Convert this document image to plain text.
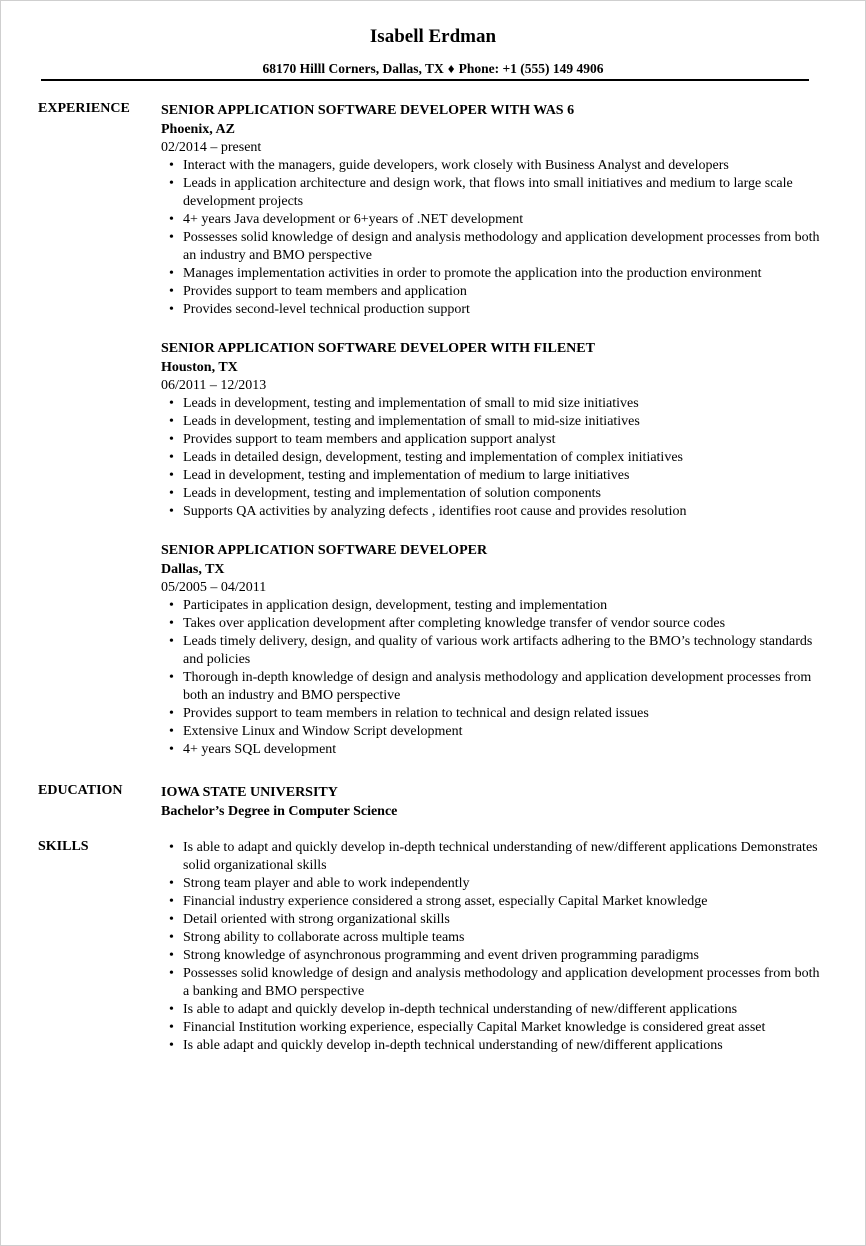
Isabell Erdman
68170 Hilll Corners, Dallas, TX ♦ Phone: +1 (555) 149 4906
EXPERIENCE SENIOR APPLICATION SOFTWARE DEVELOPER WITH WAS 6
Phoenix, AZ
02/2014 – present
• Interact with the managers, guide developers, work closely with Business Analyst and developers
• Leads in application architecture and design work, that flows into small initiatives and medium to large scale development projects
• 4+ years Java development or 6+years of .NET development
• Possesses solid knowledge of design and analysis methodology and application development processes from both an industry and BMO perspective
• Manages implementation activities in order to promote the application into the production environment
• Provides support to team members and application
• Provides second-level technical production support
SENIOR APPLICATION SOFTWARE DEVELOPER WITH FILENET
Houston, TX
06/2011 – 12/2013
• Leads in development, testing and implementation of small to mid size initiatives
• Leads in development, testing and implementation of small to mid-size initiatives
• Provides support to team members and application support analyst
• Leads in detailed design, development, testing and implementation of complex initiatives
• Lead in development, testing and implementation of medium to large initiatives
• Leads in development, testing and implementation of solution components
• Supports QA activities by analyzing defects , identifies root cause and provides resolution
SENIOR APPLICATION SOFTWARE DEVELOPER
Dallas, TX
05/2005 – 04/2011
• Participates in application design, development, testing and implementation
• Takes over application development after completing knowledge transfer of vendor source codes
• Leads timely delivery, design, and quality of various work artifacts adhering to the BMO’s technology standards and policies
• Thorough in-depth knowledge of design and analysis methodology and application development processes from both an industry and BMO perspective
• Provides support to team members in relation to technical and design related issues
• Extensive Linux and Window Script development
• 4+ years SQL development
EDUCATION	IOWA STATE UNIVERSITY
Bachelor’s Degree in Computer Science
SKILLS
•	Is able to adapt and quickly develop in-depth technical understanding of new/different applications Demonstrates solid organizational skills
• Strong team player and able to work independently
• Financial industry experience considered a strong asset, especially Capital Market knowledge
• Detail oriented with strong organizational skills
• Strong ability to collaborate across multiple teams
• Strong knowledge of asynchronous programming and event driven programming paradigms
• Possesses solid knowledge of design and analysis methodology and application development processes from both a banking and BMO perspective
• Is able to adapt and quickly develop in-depth technical understanding of new/different applications
• Financial Institution working experience, especially Capital Market knowledge is considered great asset
• Is able adapt and quickly develop in-depth technical understanding of new/different applications
